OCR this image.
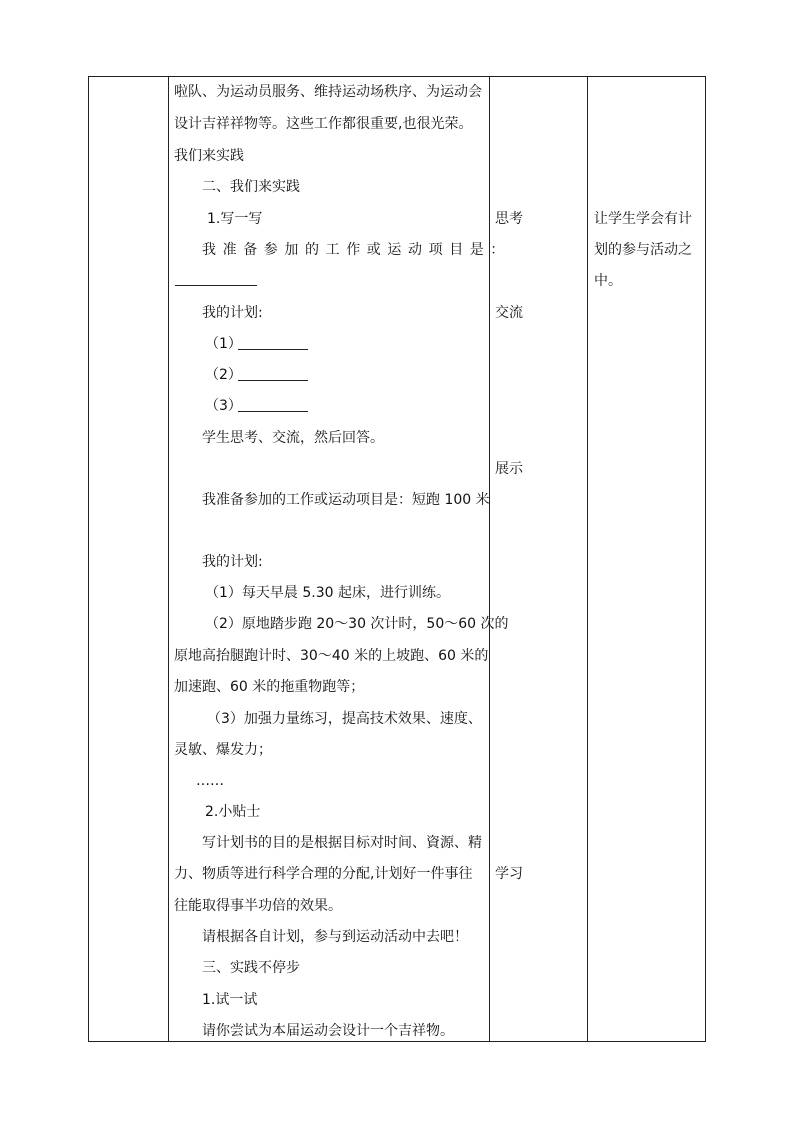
啦队、为运动员服务、维持运动场秩序、为运动会
设计吉祥祥物等。这些工作都很重要,也很光荣。
我们来实践
二、我们来实践
1.写一写
我准备参加的工作或运动项目是：
我的计划:
（1）
（2）
（3）
学生思考、交流，然后回答。
我准备参加的工作或运动项目是：短跑 100 米
我的计划:
（1）每天早晨 5.30 起床，进行训练。
（2）原地踏步跑 20～30 次计时，50～60 次的
原地高抬腿跑计时、30～40 米的上坡跑、60 米的
加速跑、60 米的拖重物跑等；
（3）加强力量练习，提高技术效果、速度、
灵敏、爆发力；
……
2.小贴士
写计划书的目的是根据目标对时间、資源、精
力、物质等进行科学合理的分配,计划好一件事往
往能取得事半功倍的效果。
请根据各自计划，参与到运动活动中去吧！
三、实践不停步
1.试一试
请你尝试为本届运动会设计一个吉祥物。
思考
交流
展示
学习
让学生学会有计
划的参与活动之
中。
